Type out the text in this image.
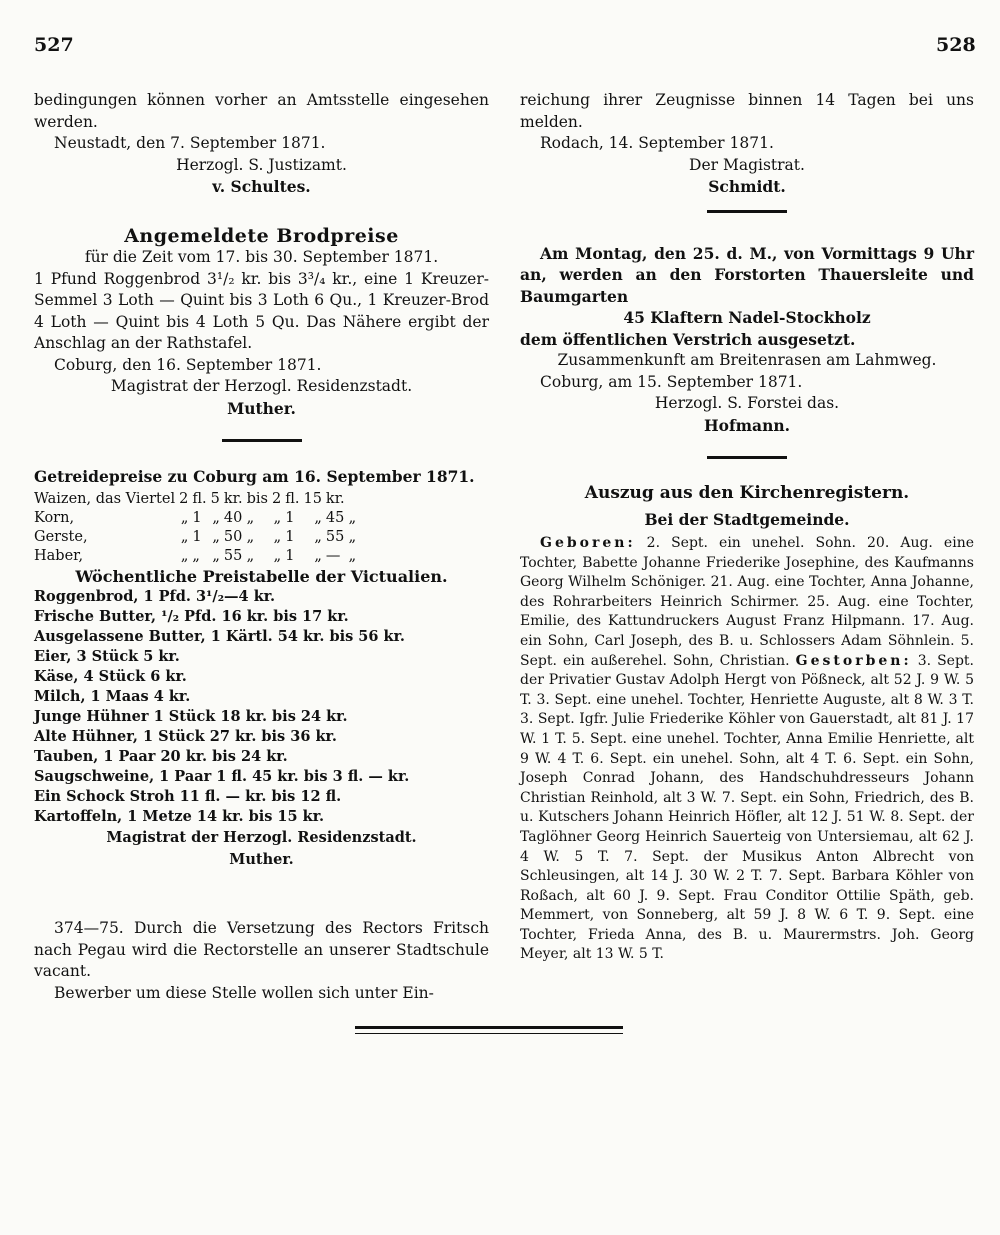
527	528

bedingungen können vorher an Amtsstelle eingesehen werden.

Neustadt, den 7. September 1871.

Herzogl. S. Justizamt.

v. Schultes.

Angemeldete Brodpreise

für die Zeit vom 17. bis 30. September 1871.

1 Pfund Roggenbrod 3¹/₂ kr. bis 3³/₄ kr., eine 1 Kreuzer-Semmel 3 Loth — Quint bis 3 Loth 6 Qu., 1 Kreuzer-Brod 4 Loth — Quint bis 4 Loth 5 Qu. Das Nähere ergibt der Anschlag an der Rathstafel.

Coburg, den 16. September 1871.

Magistrat der Herzogl. Residenzstadt.

Muther.

Getreidepreise zu Coburg am 16. September 1871.

Waizen, das Viertel	2	fl.	5	kr.	bis	2	fl.	15	kr.	
Korn,	„	1	„	40	„	„	1	„	45	„
Gerste,	„	1	„	50	„	„	1	„	55	„
Haber,	„	„	„	55	„	„	1	„	—	„

Wöchentliche Preistabelle der Victualien.

Roggenbrod, 1 Pfd. 3¹/₂—4 kr.

Frische Butter, ¹/₂ Pfd. 16 kr. bis 17 kr.

Ausgelassene Butter, 1 Kärtl. 54 kr. bis 56 kr.

Eier, 3 Stück 5 kr.

Käse, 4 Stück 6 kr.

Milch, 1 Maas 4 kr.

Junge Hühner 1 Stück 18 kr. bis 24 kr.

Alte Hühner, 1 Stück 27 kr. bis 36 kr.

Tauben, 1 Paar 20 kr. bis 24 kr.

Saugschweine, 1 Paar 1 fl. 45 kr. bis 3 fl. — kr.

Ein Schock Stroh 11 fl. — kr. bis 12 fl.

Kartoffeln, 1 Metze 14 kr. bis 15 kr.

Magistrat der Herzogl. Residenzstadt.

Muther.

374—75. Durch die Versetzung des Rectors Fritsch nach Pegau wird die Rectorstelle an unserer Stadtschule vacant.

Bewerber um diese Stelle wollen sich unter Ein-

reichung ihrer Zeugnisse binnen 14 Tagen bei uns melden.

Rodach, 14. September 1871.

Der Magistrat.

Schmidt.

Am Montag, den 25. d. M., von Vormittags 9 Uhr an, werden an den Forstorten Thauersleite und Baumgarten

45 Klaftern Nadel-Stockholz

dem öffentlichen Verstrich ausgesetzt.

Zusammenkunft am Breitenrasen am Lahmweg.

Coburg, am 15. September 1871.

Herzogl. S. Forstei das.

Hofmann.

Auszug aus den Kirchenregistern.

Bei der Stadtgemeinde.

Geboren: 2. Sept. ein unehel. Sohn. 20. Aug. eine Tochter, Babette Johanne Friederike Josephine, des Kaufmanns Georg Wilhelm Schöniger. 21. Aug. eine Tochter, Anna Johanne, des Rohrarbeiters Heinrich Schirmer. 25. Aug. eine Tochter, Emilie, des Kattundruckers August Franz Hilpmann. 17. Aug. ein Sohn, Carl Joseph, des B. u. Schlossers Adam Söhnlein. 5. Sept. ein außerehel. Sohn, Christian. Gestorben: 3. Sept. der Privatier Gustav Adolph Hergt von Pößneck, alt 52 J. 9 W. 5 T. 3. Sept. eine unehel. Tochter, Henriette Auguste, alt 8 W. 3 T. 3. Sept. Igfr. Julie Friederike Köhler von Gauerstadt, alt 81 J. 17 W. 1 T. 5. Sept. eine unehel. Tochter, Anna Emilie Henriette, alt 9 W. 4 T. 6. Sept. ein unehel. Sohn, alt 4 T. 6. Sept. ein Sohn, Joseph Conrad Johann, des Handschuhdresseurs Johann Christian Reinhold, alt 3 W. 7. Sept. ein Sohn, Friedrich, des B. u. Kutschers Johann Heinrich Höfler, alt 12 J. 51 W. 8. Sept. der Taglöhner Georg Heinrich Sauerteig von Untersiemau, alt 62 J. 4 W. 5 T. 7. Sept. der Musikus Anton Albrecht von Schleusingen, alt 14 J. 30 W. 2 T. 7. Sept. Barbara Köhler von Roßach, alt 60 J. 9. Sept. Frau Conditor Ottilie Späth, geb. Memmert, von Sonneberg, alt 59 J. 8 W. 6 T. 9. Sept. eine Tochter, Frieda Anna, des B. u. Maurermstrs. Joh. Georg Meyer, alt 13 W. 5 T.
